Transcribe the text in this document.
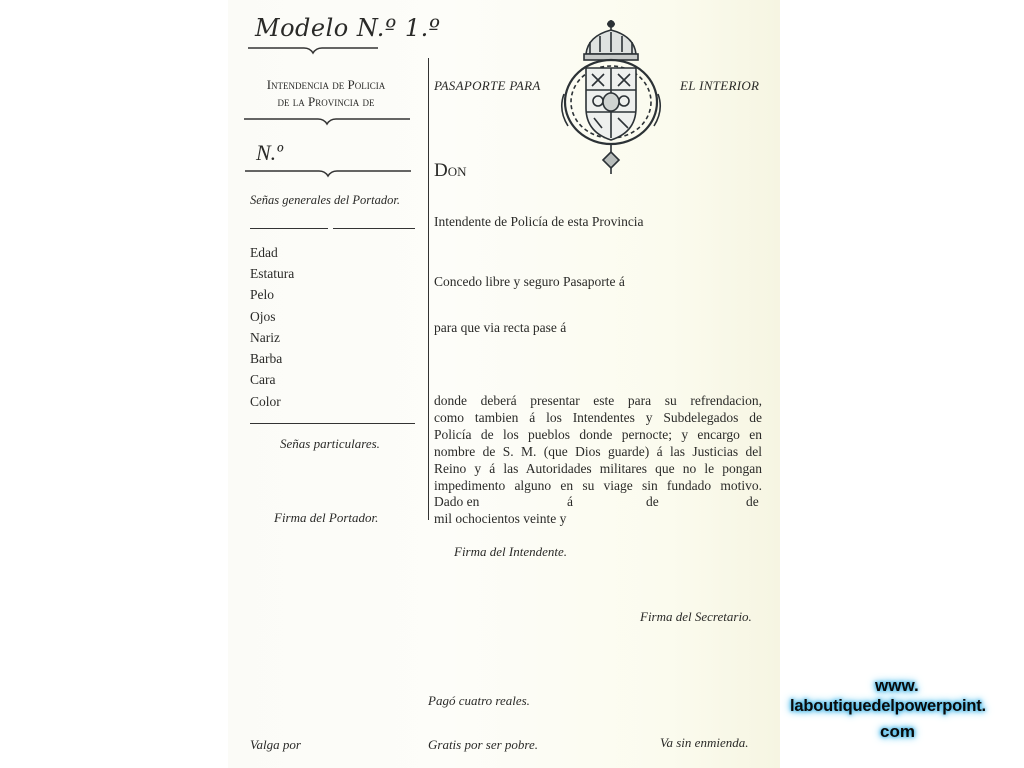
Modelo N.º 1.º
Intendencia de Policia
de la Provincia de
N.º
Señas generales del Portador.
Edad
Estatura
Pelo
Ojos
Nariz
Barba
Cara
Color
Señas particulares.
Firma del Portador.
Valga por
PASAPORTE PARA	EL INTERIOR
Don
Intendente de Policía de esta Provincia
Concedo libre y seguro Pasaporte á
para que via recta pase á
donde deberá presentar este para su refrendacion,
como tambien á los Intendentes y Subdelegados de
Policía de los pueblos donde pernocte; y encargo en
nombre de S. M. (que Dios guarde) á las Justicias del
Reino y á las Autoridades militares que no le pongan
impedimento alguno en su viage sin fundado motivo.
Dado en	á	de	de
mil ochocientos veinte y
Firma del Intendente.
Firma del Secretario.
Pagó cuatro reales.
Gratis por ser pobre.	Va sin enmienda.
www.
laboutiquedelpowerpoint.
com
